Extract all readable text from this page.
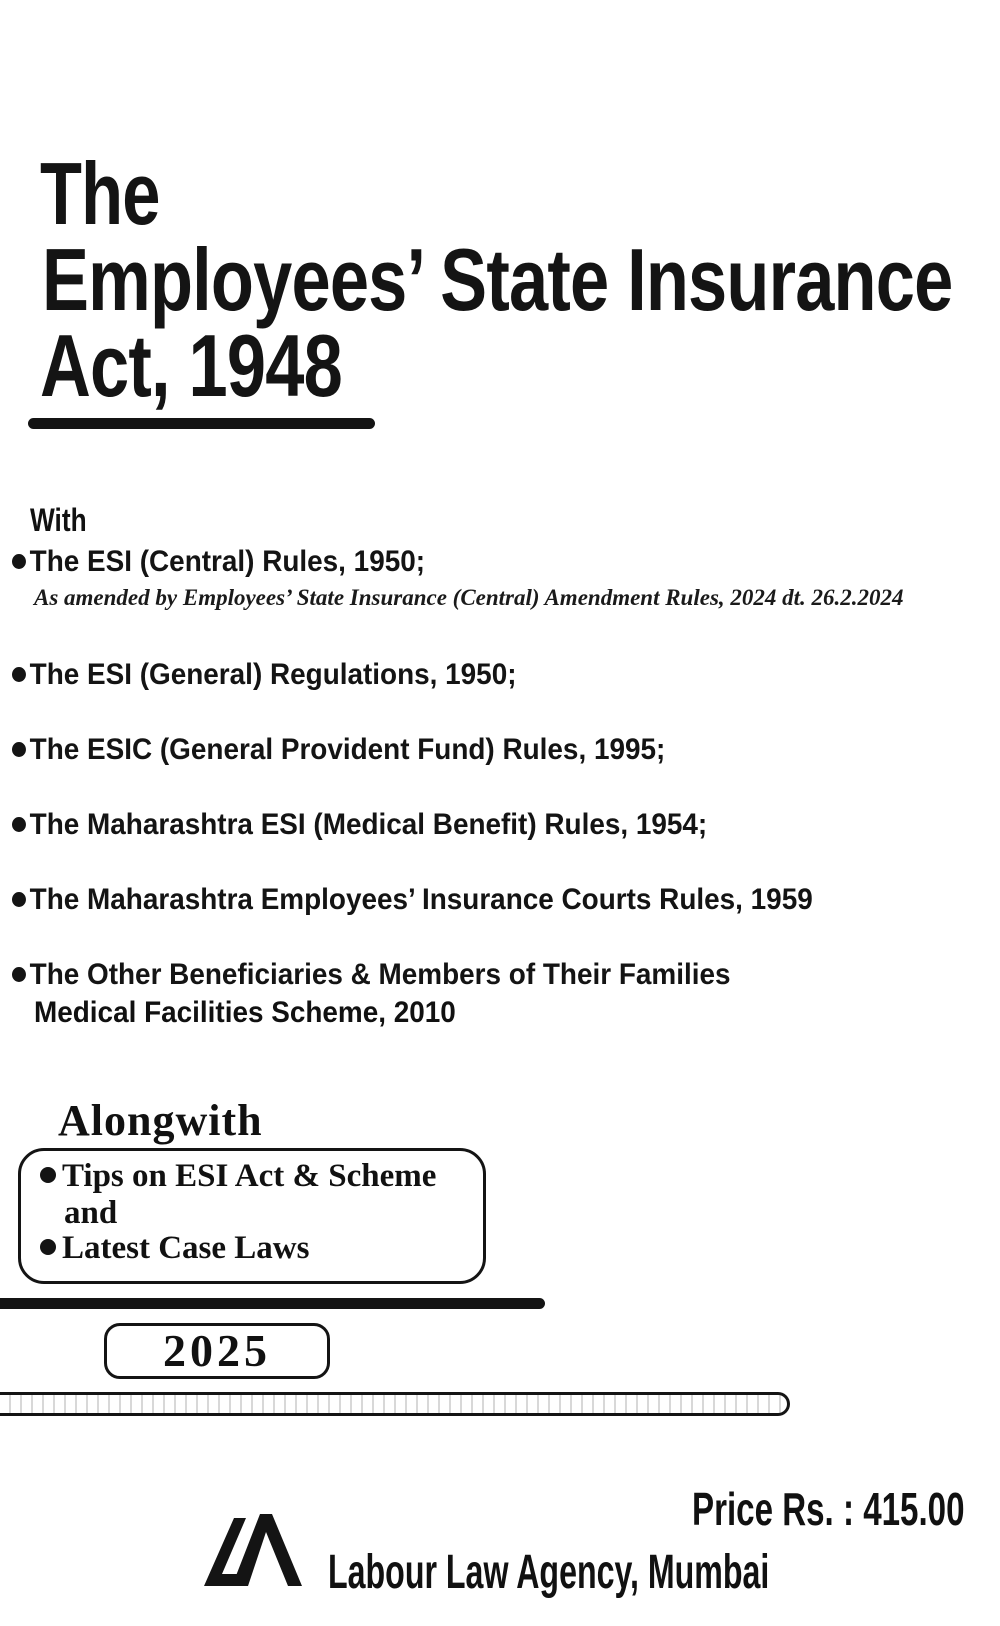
The
Employees’ State Insurance
Act, 1948
With
The ESI (Central) Rules, 1950;
As amended by Employees’ State Insurance (Central) Amendment Rules, 2024 dt. 26.2.2024
The ESI (General) Regulations, 1950;
The ESIC (General Provident Fund) Rules, 1995;
The Maharashtra ESI (Medical Benefit) Rules, 1954;
The Maharashtra Employees’ Insurance Courts Rules, 1959
The Other Beneficiaries & Members of Their Families
Medical Facilities Scheme, 2010
Alongwith
Tips on ESI Act & Scheme
and
Latest Case Laws
2025
Price Rs. : 415.00
Labour Law Agency, Mumbai
